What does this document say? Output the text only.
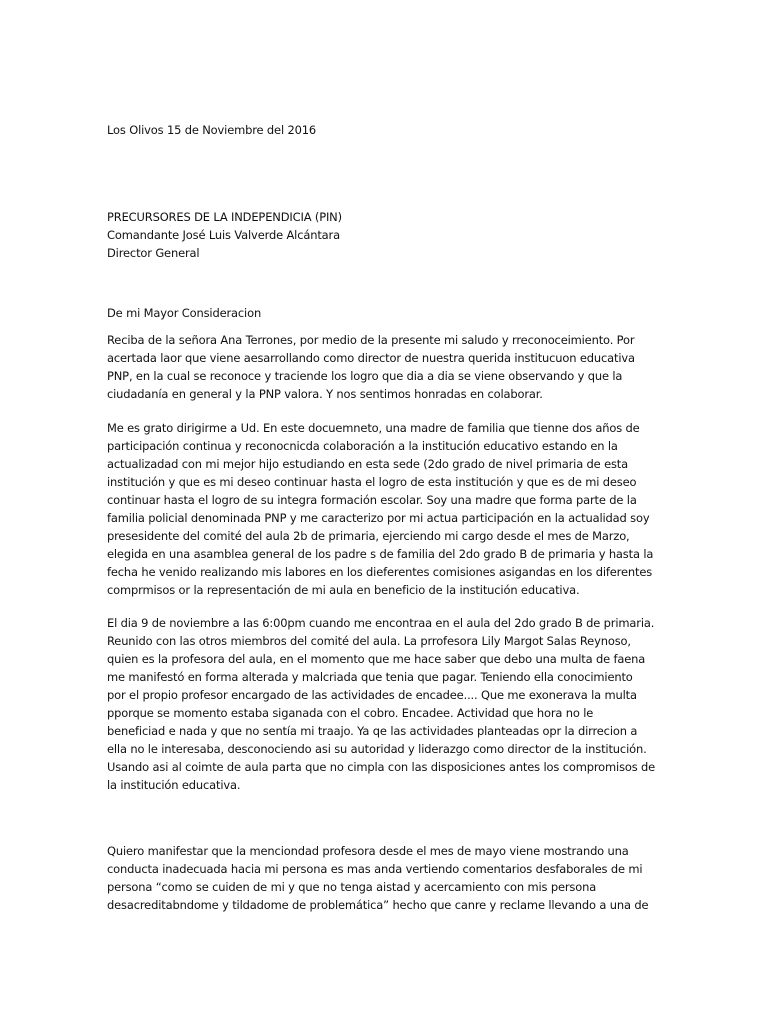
Los Olivos 15 de Noviembre del 2016

PRECURSORES DE LA INDEPENDICIA (PIN)
Comandante José Luis Valverde Alcántara
Director General

De mi Mayor Consideracion

Reciba de la señora Ana Terrones, por medio de la presente mi saludo y rreconoceimiento. Por
acertada laor que viene aesarrollando como director de nuestra querida institucuon educativa
PNP, en la cual se reconoce y traciende los logro que dia a dia se viene observando y que la
ciudadanía en general y la PNP valora. Y nos sentimos honradas en colaborar.

Me es grato dirigirme a Ud. En este docuemneto, una madre de familia que tienne dos años de
participación continua y reconocnicda colaboración a la institución educativo estando en la
actualizadad con mi mejor hijo estudiando en esta sede (2do grado de nivel primaria de esta
institución y que es mi deseo continuar hasta el logro de esta institución y que es de mi deseo
continuar hasta el logro de su integra formación escolar. Soy una madre que forma parte de la
familia policial denominada PNP y me caracterizo por mi actua participación en la actualidad soy
presesidente del comité del aula 2b de primaria, ejerciendo mi cargo desde el mes de Marzo,
elegida en una asamblea general de los padre s de familia del 2do grado B de primaria y hasta la
fecha he venido realizando mis labores en los dieferentes comisiones asigandas en los diferentes
comprmisos or la representación de mi aula en beneficio de la institución educativa.

El dia 9 de noviembre a las 6:00pm cuando me encontraa en el aula del 2do grado B de primaria.
Reunido con las otros miembros del comité del aula. La prrofesora Lily Margot Salas Reynoso,
quien es la profesora del aula, en el momento que me hace saber que debo una multa de faena
me manifestó en forma alterada y malcriada que tenia que pagar. Teniendo ella conocimiento
por el propio profesor encargado de las actividades de encadee.... Que me exoneravа la multa
pporque se momento estaba siganada con el cobro. Encadee. Actividad que hora no le
beneficiad e nada y que no sentía mi traajo. Ya qe las actividades planteadas opr la dirrecion a
ella no le interesaba, desconociendo asi su autoridad y liderazgo como director de la institución.
Usando asi al coimte de aula parta que no cimpla con las disposiciones antes los compromisos de
la institución educativa.

Quiero manifestar que la menciondad profesora desde el mes de mayo viene mostrando una
conducta inadecuada hacia mi persona es mas anda vertiendo comentarios desfaborales de mi
persona “como se cuiden de mi y que no tenga aistad y acercamiento con mis persona
desacreditabndome y tildadome de problemática” hecho que canre y reclame llevando a una de
